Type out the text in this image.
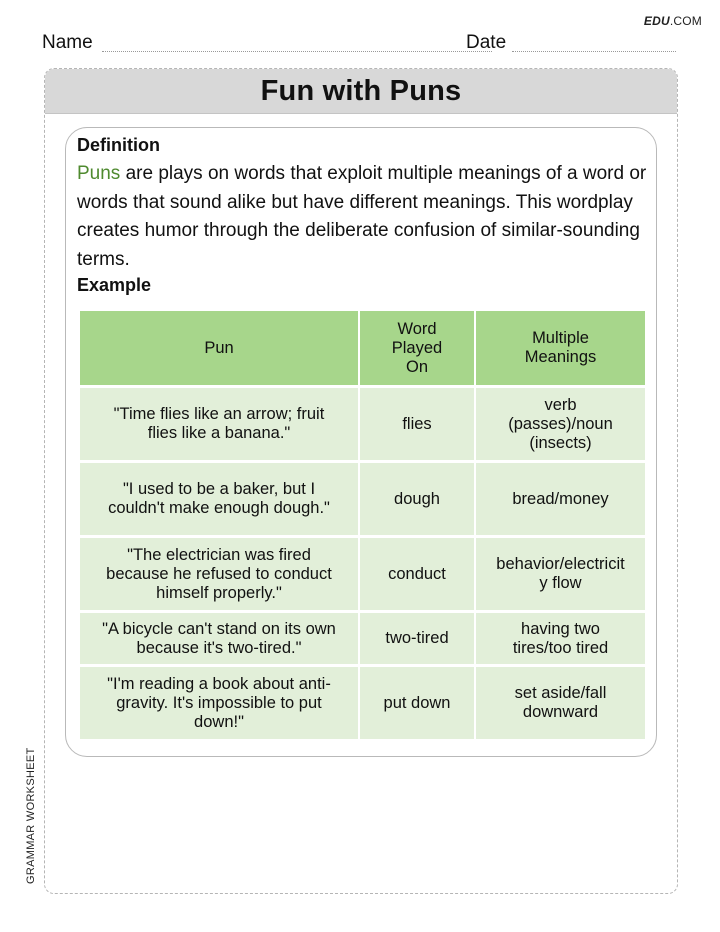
EDU.COM
Name	Date
Fun with Puns
Definition

Puns are plays on words that exploit multiple meanings of a word or words that sound alike but have different meanings. This wordplay creates humor through the deliberate confusion of similar-sounding terms.

Example
Pun	Word Played On	Multiple Meanings
"Time flies like an arrow; fruit flies like a banana."	flies	verb (passes)/noun (insects)
"I used to be a baker, but I couldn't make enough dough."	dough	bread/money
"The electrician was fired because he refused to conduct himself properly."	conduct	behavior/electricity flow
"A bicycle can't stand on its own because it's two-tired."	two-tired	having two tires/too tired
"I'm reading a book about anti-gravity. It's impossible to put down!"	put down	set aside/fall downward
GRAMMAR WORKSHEET
